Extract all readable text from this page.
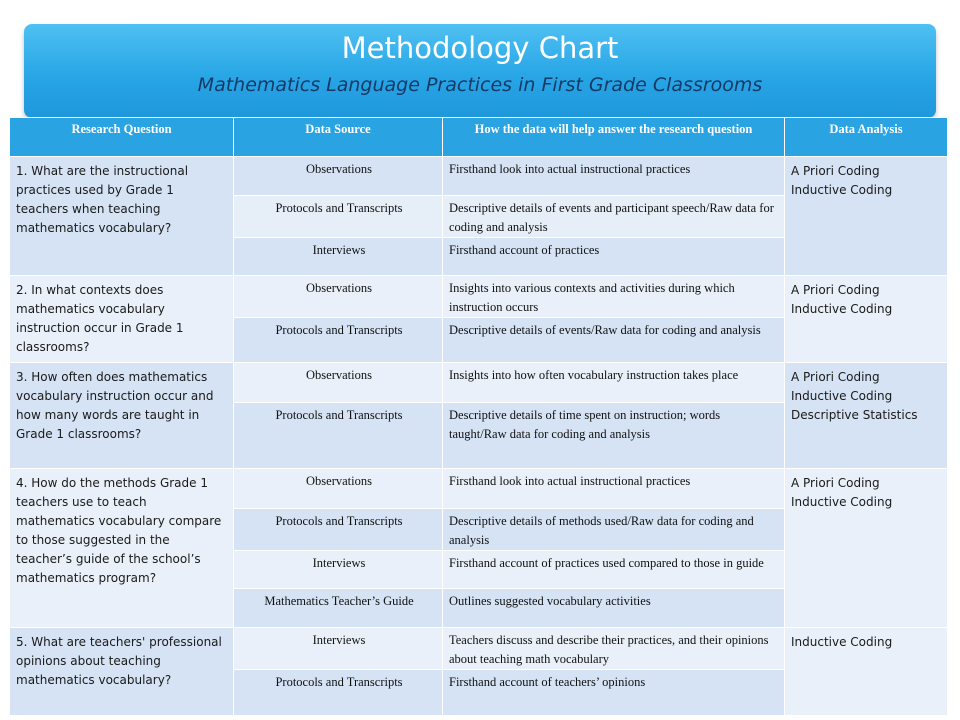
Methodology Chart
Mathematics Language Practices in First Grade Classrooms
Research Question	Data Source	How the data will help answer the research question	Data Analysis
1. What are the instructional practices used by Grade 1 teachers when teaching mathematics vocabulary?	Observations	Firsthand look into actual instructional practices	A Priori Coding
Inductive Coding
	Protocols and Transcripts	Descriptive details of events and participant speech/Raw data for coding and analysis	
	Interviews	Firsthand account of practices	
2. In what contexts does mathematics vocabulary instruction occur in Grade 1 classrooms?	Observations	Insights into various contexts and activities during which instruction occurs	A Priori Coding
Inductive Coding
	Protocols and Transcripts	Descriptive details of events/Raw data for coding and analysis	
3. How often does mathematics vocabulary instruction occur and how many words are taught in Grade 1 classrooms?	Observations	Insights into how often vocabulary instruction takes place	A Priori Coding
Inductive Coding
Descriptive Statistics
	Protocols and Transcripts	Descriptive details of time spent on instruction; words taught/Raw data for coding and analysis	
4. How do the methods Grade 1 teachers use to teach mathematics vocabulary compare to those suggested in the teacher’s guide of the school’s mathematics program?	Observations	Firsthand look into actual instructional practices	A Priori Coding
Inductive Coding
	Protocols and Transcripts	Descriptive details of methods used/Raw data for coding and analysis	
	Interviews	Firsthand account of practices used compared to those in guide	
	Mathematics Teacher’s Guide	Outlines suggested vocabulary activities	
5. What are teachers' professional opinions about teaching mathematics vocabulary?	Interviews	Teachers discuss and describe their practices, and their opinions about teaching math vocabulary	Inductive Coding
	Protocols and Transcripts	Firsthand account of teachers’ opinions	
